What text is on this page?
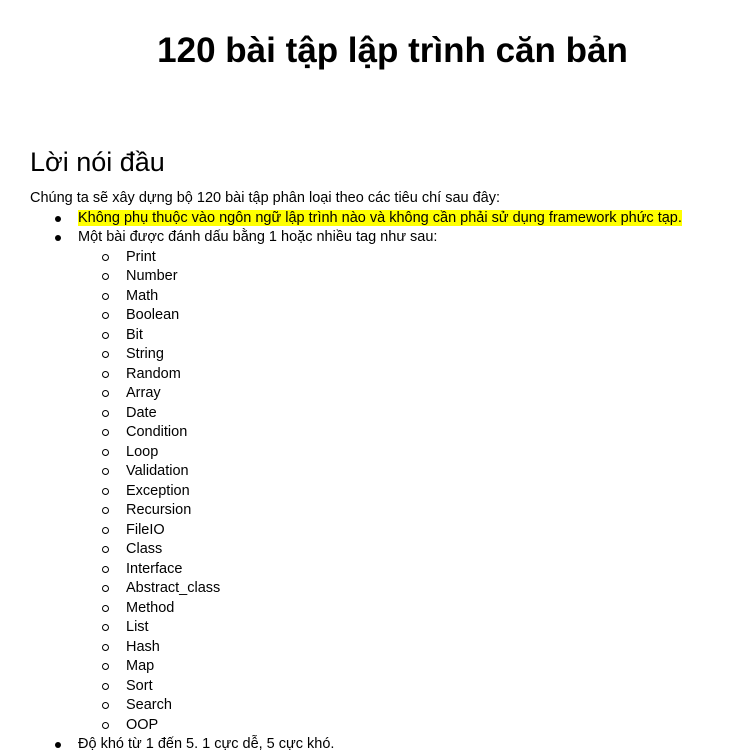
120 bài tập lập trình căn bản
Lời nói đầu

Chúng ta sẽ xây dựng bộ 120 bài tập phân loại theo các tiêu chí sau đây:

Không phụ thuộc vào ngôn ngữ lập trình nào và không cần phải sử dụng framework phức tạp.
Một bài được đánh dấu bằng 1 hoặc nhiều tag như sau:
Print
Number
Math
Boolean
Bit
String
Random
Array
Date
Condition
Loop
Validation
Exception
Recursion
FileIO
Class
Interface
Abstract_class
Method
List
Hash
Map
Sort
Search
OOP
Độ khó từ 1 đến 5. 1 cực dễ, 5 cực khó.
